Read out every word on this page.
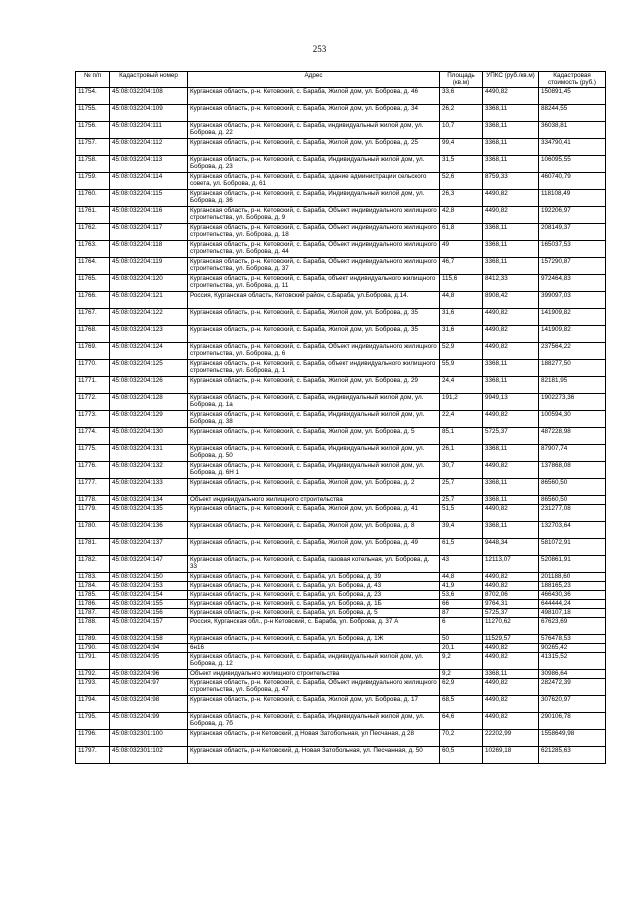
253
№ п/п	Кадастровый номер	Адрес	Площадь (кв.м)	УПКС (руб./кв.м)	Кадастровая стоимость (руб.)
11754.	45:08:032204:108	Курганская область, р-н. Кетовский, с. Бараба, Жилой дом, ул. Боброва, д. 46	33,6	4490,82	150891,45
11755.	45:08:032204:109	Курганская область, р-н. Кетовский, с. Бараба, Жилой дом, ул. Боброва, д. 34	26,2	3368,11	88244,55
11756.	45:08:032204:111	Курганская область, р-н. Кетовский, с. Бараба, индивидуальный жилой дом, ул. Боброва, д. 22	10,7	3368,11	36038,81
11757.	45:08:032204:112	Курганская область, р-н. Кетовский, с. Бараба, Жилой дом, ул. Боброва, д. 25	99,4	3368,11	334790,41
11758.	45:08:032204:113	Курганская область, р-н. Кетовский, с. Бараба, Индивидуальный жилой дом, ул. Боброва, д. 23	31,5	3368,11	106095,55
11759.	45:08:032204:114	Курганская область, р-н. Кетовский, с. Бараба, здание администрации сельского совета, ул. Боброва, д. 61	52,6	8759,33	460740,79
11760.	45:08:032204:115	Курганская область, р-н. Кетовский, с. Бараба, Индивидуальный жилой дом, ул. Боброва, д. 36	26,3	4490,82	118108,49
11761.	45:08:032204:116	Курганская область, р-н. Кетовский, с. Бараба, Объект индивидуального жилищного строительства, ул. Боброва, д. 9	42,8	4490,82	192206,97
11762.	45:08:032204:117	Курганская область, р-н. Кетовский, с. Бараба, Объект индивидуального жилищного строительства, ул. Боброва, д. 18	61,8	3368,11	208149,37
11763.	45:08:032204:118	Курганская область, р-н. Кетовский, с. Бараба, Объект индивидуального жилищного строительства, ул. Боброва, д. 44	49	3368,11	165037,53
11764.	45:08:032204:119	Курганская область, р-н. Кетовский, с. Бараба, Объект индивидуального жилищного строительства, ул. Боброва, д. 37	46,7	3368,11	157290,87
11765.	45:08:032204:120	Курганская область, р-н. Кетовский, с. Бараба, объект индивидуального жилищного строительства, ул. Боброва, д. 11	115,6	8412,33	972464,83
11766.	45:08:032204:121	Россия, Курганская область, Кетовский район, с.Бараба, ул.Боброва, д.14.	44,8	8908,42	399097,03
11767.	45:08:032204:122	Курганская область, р-н. Кетовский, с. Бараба, Жилой дом, ул. Боброва, д. 35	31,6	4490,82	141909,82
11768.	45:08:032204:123	Курганская область, р-н. Кетовский, с. Бараба, Жилой дом, ул. Боброва, д. 35	31,6	4490,82	141909,82
11769.	45:08:032204:124	Курганская область, р-н. Кетовский, с. Бараба, Объект индивидуального жилищного строительства, ул. Боброва, д. 6	52,9	4490,82	237564,22
11770.	45:08:032204:125	Курганская область, р-н. Кетовский, с. Бараба, объект индивидуального жилищного строительства, ул. Боброва, д. 1	55,9	3368,11	188277,50
11771.	45:08:032204:126	Курганская область, р-н. Кетовский, с. Бараба, Жилой дом, ул. Боброва, д. 29	24,4	3368,11	82181,95
11772.	45:08:032204:128	Курганская область, р-н. Кетовский, с. Бараба, индивидуальный жилой дом, ул. Боброва, д. 1а	191,2	9949,13	1902273,36
11773.	45:08:032204:129	Курганская область, р-н. Кетовский, с. Бараба, Индивидуальный жилой дом, ул. Боброва, д. 38	22,4	4490,82	100594,30
11774.	45:08:032204:130	Курганская область, р-н. Кетовский, с. Бараба, Жилой дом, ул. Боброва, д. 5	85,1	5725,37	487228,98
11775.	45:08:032204:131	Курганская область, р-н. Кетовский, с. Бараба, Индивидуальный жилой дом, ул. Боброва, д. 50	26,1	3368,11	87907,74
11776.	45:08:032204:132	Курганская область, р-н. Кетовский, с. Бараба, Индивидуальный жилой дом, ул. Боброва, д. 6Н 1	30,7	4490,82	137868,08
11777.	45:08:032204:133	Курганская область, р-н. Кетовский, с. Бараба, Жилой дом, ул. Боброва, д. 2	25,7	3368,11	86560,50
11778.	45:08:032204:134	Объект индивидуального жилищного строительства	25,7	3368,11	86560,50
11779.	45:08:032204:135	Курганская область, р-н. Кетовский, с. Бараба, Жилой дом, ул. Боброва, д. 41	51,5	4490,82	231277,08
11780.	45:08:032204:136	Курганская область, р-н. Кетовский, с. Бараба, Жилой дом, ул. Боброва, д. 8	39,4	3368,11	132703,64
11781.	45:08:032204:137	Курганская область, р-н. Кетовский, с. Бараба, Жилой дом, ул. Боброва, д. 49	61,5	9448,34	581072,91
11782.	45:08:032204:147	Курганская область, р-н. Кетовский, с. Бараба, газовая котельная, ул. Боброва, д. 33	43	12113,07	520861,91
11783.	45:08:032204:150	Курганская область, р-н. Кетовский, с. Бараба, ул. Боброва, д. 39	44,8	4490,82	201188,60
11784.	45:08:032204:153	Курганская область, р-н. Кетовский, с. Бараба, ул. Боброва, д. 43	41,9	4490,82	188165,23
11785.	45:08:032204:154	Курганская область, р-н. Кетовский, с. Бараба, ул. Боброва, д. 23	53,6	8702,06	466430,36
11786.	45:08:032204:155	Курганская область, р-н. Кетовский, с. Бараба, ул. Боброва, д. 1Б	66	9764,31	644444,24
11787.	45:08:032204:156	Курганская область, р-н. Кетовский, с. Бараба, ул. Боброва, д. 5	87	5725,37	498107,18
11788.	45:08:032204:157	Россия, Курганская обл., р-н Кетовский, с. Бараба, ул. Боброва, д. 37 А	6	11270,62	67623,69
11789.	45:08:032204:158	Курганская область, р-н. Кетовский, с. Бараба, ул. Боброва, д. 1Ж	50	11529,57	576478,53
11790.	45:08:032204:94	6н16	20,1	4490,82	90265,42
11791.	45:08:032204:95	Курганская область, р-н. Кетовский, с. Бараба, индивидуальный жилой дом, ул. Боброва, д. 12	9,2	4490,82	41315,52
11792.	45:08:032204:96	Объект индивидуальнго жилищного строительства	9,2	3368,11	30986,64
11793.	45:08:032204:97	Курганская область, р-н. Кетовский, с. Бараба, Объект индивидуального жилищного строительства, ул. Боброва, д. 47	62,9	4490,82	282472,39
11794.	45:08:032204:98	Курганская область, р-н. Кетовский, с. Бараба, Жилой дом, ул. Боброва, д. 17	68,5	4490,82	307620,97
11795.	45:08:032204:99	Курганская область, р-н. Кетовский, с. Бараба, Индивидуальный жилой дом, ул. Боброва, д. 7б	64,6	4490,82	290106,78
11796.	45:08:032301:100	Курганская область, р-н Кетовский, д Новая Затобольная, ул Песчаная, д 28	70,2	22202,99	1558649,98
11797.	45:08:032301:102	Курганская область, р-н Кетовский, д. Новая Затобольная, ул. Песчанная, д. 50	60,5	10269,18	621285,63
